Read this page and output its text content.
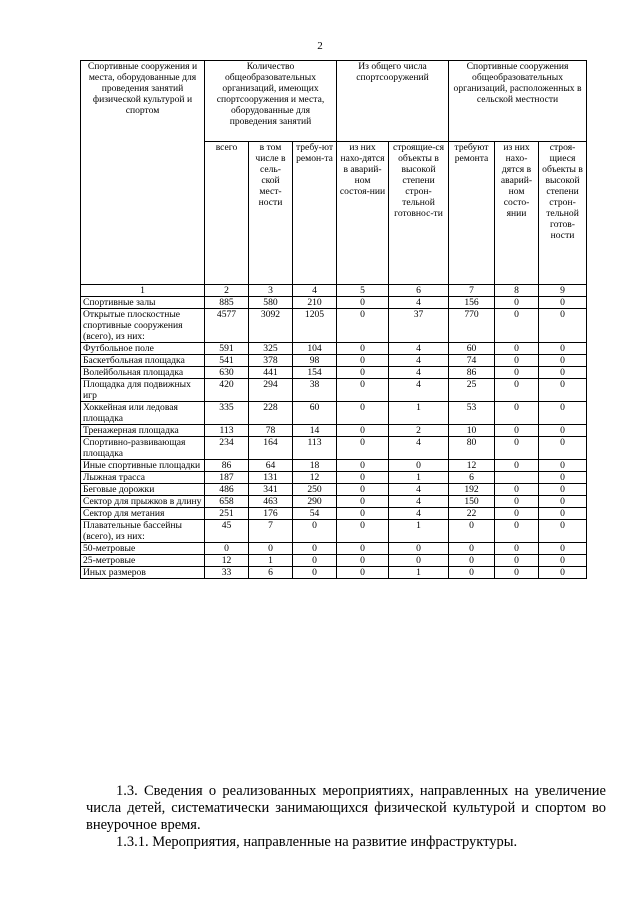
2
Спортивные сооружения и места, оборудованные для проведения занятий физической культурой и спортом	Количество общеобразовательных организаций, имеющих спортсооружения и места, оборудованные для проведения занятий			Из общего числа спортсооружений		Спортивные сооружения общеобразовательных организаций, расположенных в сельской местности		
	всего	в том числе в сель-ской мест-ности	требу-ют ремон-та	из них нахо-дятся в аварий-ном состоя-нии	строящие-ся объекты в высокой степени строн-тельной готовнос-ти	требуют ремонта	из них нахо-дятся в аварий-ном состо-янии	строя-щиеся объекты в высокой степени строн-тельной готов-ности
1	2	3	4	5	6	7	8	9
Спортивные залы	885	580	210	0	4	156	0	0
Открытые плоскостные спортивные сооружения (всего), из них:	4577	3092	1205	0	37	770	0	0
Футбольное поле	591	325	104	0	4	60	0	0
Баскетбольная площадка	541	378	98	0	4	74	0	0
Волейбольная площадка	630	441	154	0	4	86	0	0
Площадка для подвижных игр	420	294	38	0	4	25	0	0
Хоккейная или ледовая площадка	335	228	60	0	1	53	0	0
Тренажерная площадка	113	78	14	0	2	10	0	0
Спортивно-развивающая площадка	234	164	113	0	4	80	0	0
Иные спортивные площадки	86	64	18	0	0	12	0	0
Лыжная трасса	187	131	12	0	1	6		0
Беговые дорожки	486	341	250	0	4	192	0	0
Сектор для прыжков в длину	658	463	290	0	4	150	0	0
Сектор для метания	251	176	54	0	4	22	0	0
Плавательные бассейны (всего), из них:	45	7	0	0	1	0	0	0
50-метровые	0	0	0	0	0	0	0	0
25-метровые	12	1	0	0	0	0	0	0
Иных размеров	33	6	0	0	1	0	0	0

1.3. Сведения о реализованных мероприятиях, направленных на увеличение числа детей, систематически занимающихся физической культурой и спортом во внеурочное время.

1.3.1. Мероприятия, направленные на развитие инфраструктуры.
